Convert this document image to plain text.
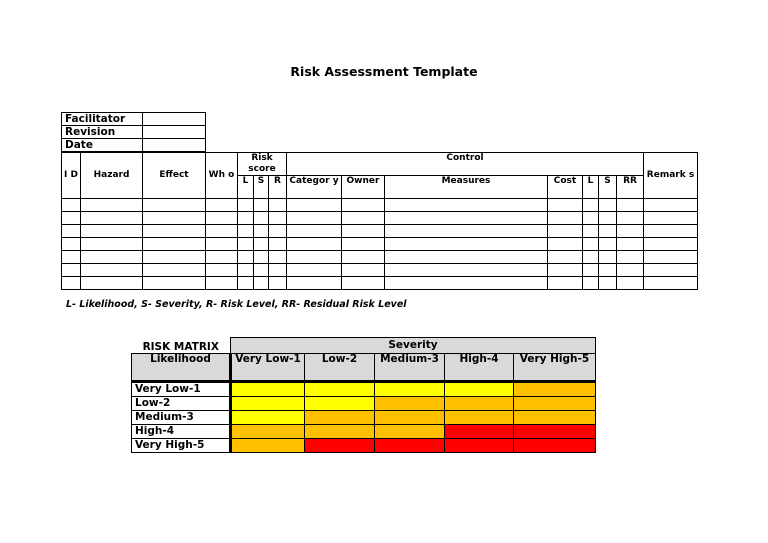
Risk Assessment Template
Facilitator	
Revision	
Date	
I D	Hazard	Effect	Wh o	Risk score			Control							Remark s
				L	S	R	Categor y	Owner	Measures	Cost	L	S	RR	

L- Likelihood, S- Severity, R- Risk Level, RR- Residual Risk Level
RISK MATRIX	Severity				
Likelihood	Very Low-1	Low-2	Medium-3	High-4	Very High-5
Very Low-1					
Low-2					
Medium-3					
High-4					
Very High-5					
